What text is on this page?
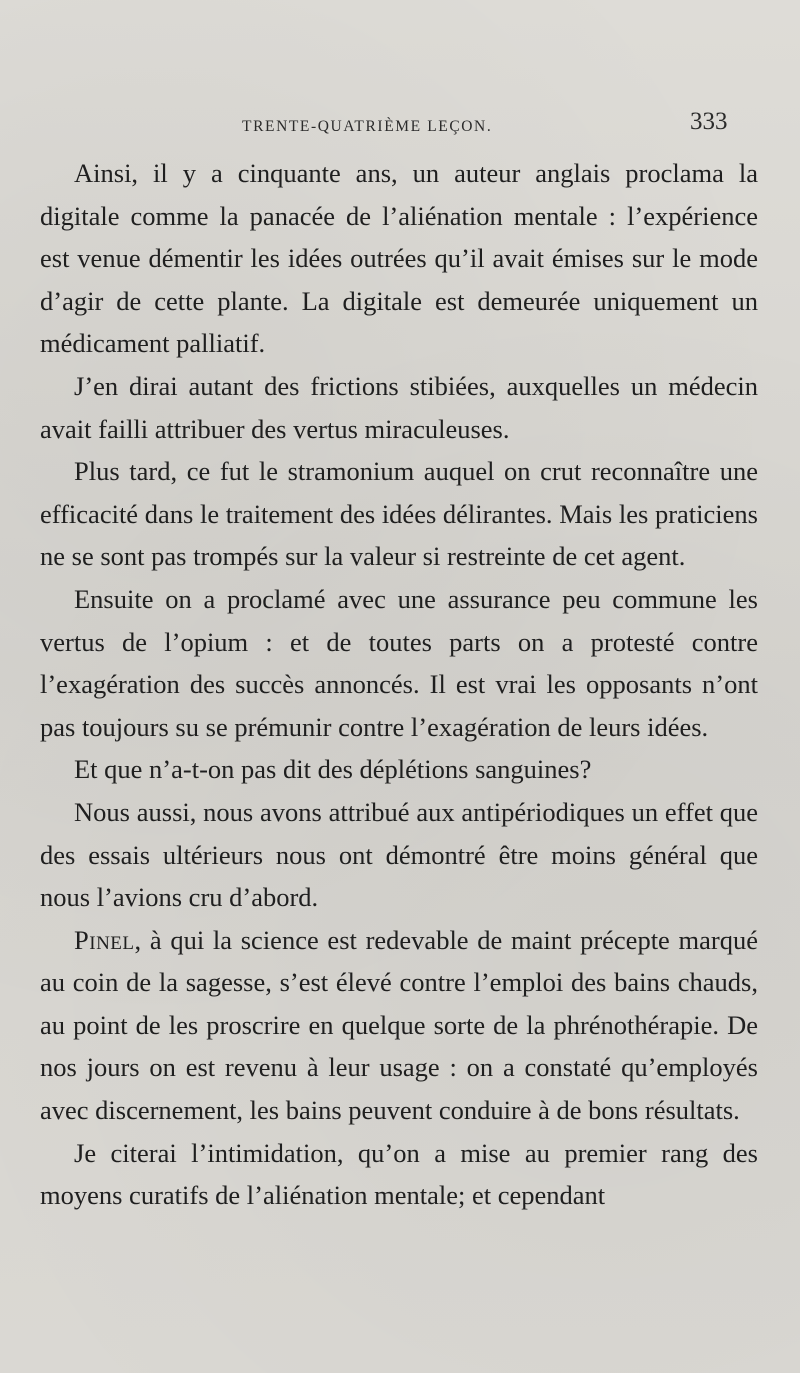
TRENTE-QUATRIÈME LEÇON.	333

Ainsi, il y a cinquante ans, un auteur anglais proclama la digitale comme la panacée de l’aliénation mentale : l’expérience est venue démentir les idées outrées qu’il avait émises sur le mode d’agir de cette plante. La digitale est demeurée uniquement un médicament palliatif.

J’en dirai autant des frictions stibiées, auxquelles un médecin avait failli attribuer des vertus miraculeuses.

Plus tard, ce fut le stramonium auquel on crut reconnaître une efficacité dans le traitement des idées délirantes. Mais les praticiens ne se sont pas trompés sur la valeur si restreinte de cet agent.

Ensuite on a proclamé avec une assurance peu commune les vertus de l’opium : et de toutes parts on a protesté contre l’exagération des succès annoncés. Il est vrai les opposants n’ont pas toujours su se prémunir contre l’exagération de leurs idées.

Et que n’a-t-on pas dit des déplétions sanguines?

Nous aussi, nous avons attribué aux antipériodiques un effet que des essais ultérieurs nous ont démontré être moins général que nous l’avions cru d’abord.

Pinel, à qui la science est redevable de maint précepte marqué au coin de la sagesse, s’est élevé contre l’emploi des bains chauds, au point de les proscrire en quelque sorte de la phrénothérapie. De nos jours on est revenu à leur usage : on a constaté qu’employés avec discernement, les bains peuvent conduire à de bons résultats.

Je citerai l’intimidation, qu’on a mise au premier rang des moyens curatifs de l’aliénation mentale; et cependant
